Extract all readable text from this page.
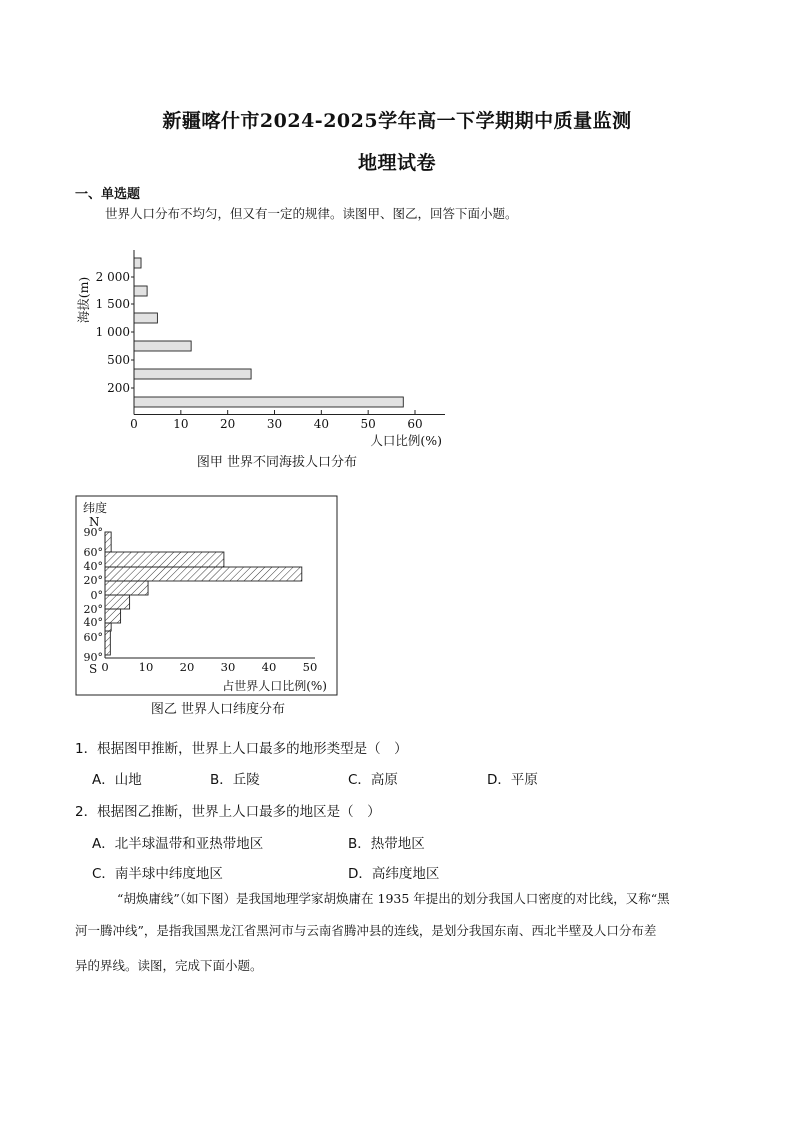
新疆喀什市2024-2025学年高一下学期期中质量监测
地理试卷
一、单选题
世界人口分布不均匀，但又有一定的规律。读图甲、图乙，回答下面小题。
0	10	20	30	40	50	60
200
500
1 000
1 500
2 000
海拔(m)
人口比例(%)
图甲 世界不同海拔人口分布
纬度
N
S 0	10 20 30 40 50
90°
60°
40°
20°
0°
20°
40°
60°
90°
占世界人口比例(%)
图乙 世界人口纬度分布
1．根据图甲推断，世界上人口最多的地形类型是（　）
A．山地	B．丘陵	C．高原	D．平原
2．根据图乙推断，世界上人口最多的地区是（　）
A．北半球温带和亚热带地区	B．热带地区
C．南半球中纬度地区	D．高纬度地区
“胡焕庸线”（如下图）是我国地理学家胡焕庸在 1935 年提出的划分我国人口密度的对比线，又称“黑
河一腾冲线”，是指我国黑龙江省黑河市与云南省腾冲县的连线，是划分我国东南、西北半壁及人口分布差
异的界线。读图，完成下面小题。
